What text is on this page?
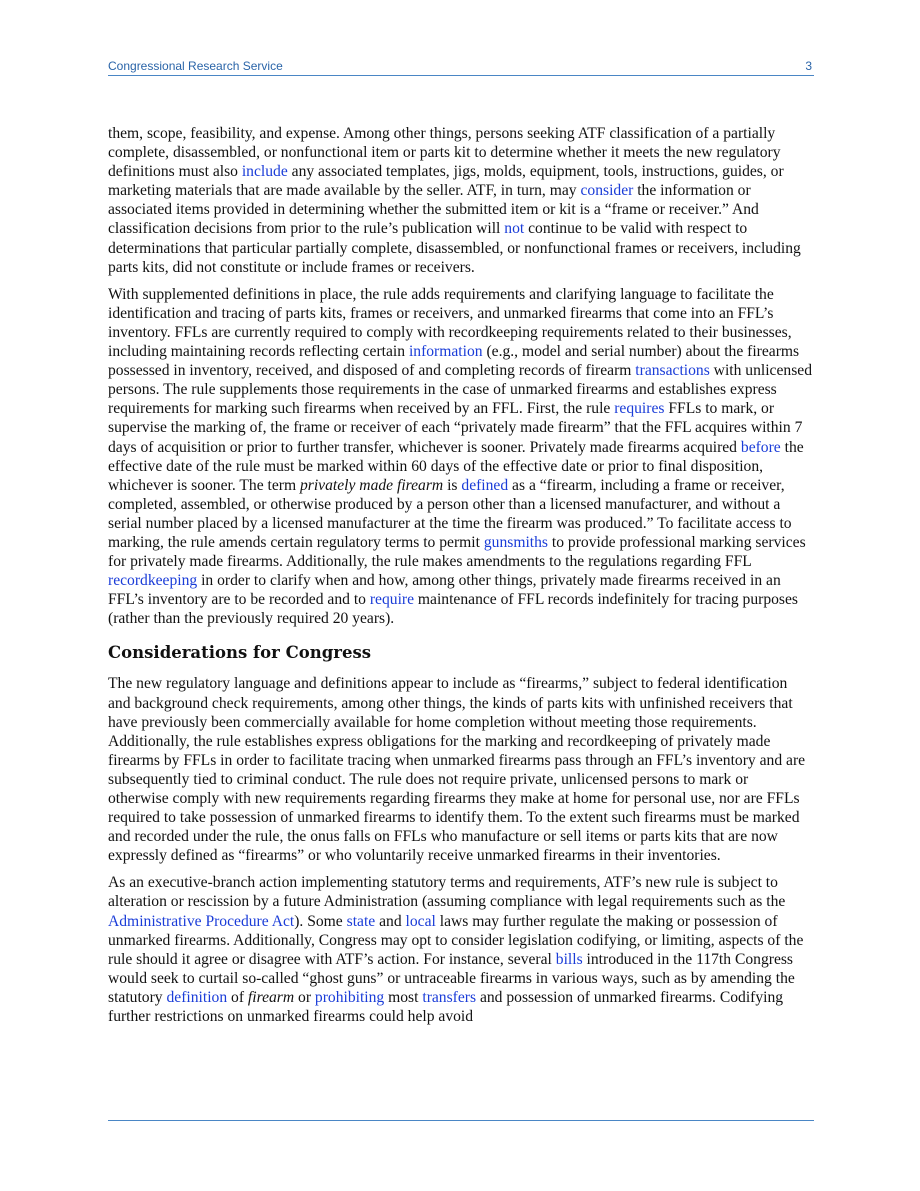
Congressional Research Service	3

them, scope, feasibility, and expense. Among other things, persons seeking ATF classification of a partially complete, disassembled, or nonfunctional item or parts kit to determine whether it meets the new regulatory definitions must also include any associated templates, jigs, molds, equipment, tools, instructions, guides, or marketing materials that are made available by the seller. ATF, in turn, may consider the information or associated items provided in determining whether the submitted item or kit is a “frame or receiver.” And classification decisions from prior to the rule’s publication will not continue to be valid with respect to determinations that particular partially complete, disassembled, or nonfunctional frames or receivers, including parts kits, did not constitute or include frames or receivers.

With supplemented definitions in place, the rule adds requirements and clarifying language to facilitate the identification and tracing of parts kits, frames or receivers, and unmarked firearms that come into an FFL’s inventory. FFLs are currently required to comply with recordkeeping requirements related to their businesses, including maintaining records reflecting certain information (e.g., model and serial number) about the firearms possessed in inventory, received, and disposed of and completing records of firearm transactions with unlicensed persons. The rule supplements those requirements in the case of unmarked firearms and establishes express requirements for marking such firearms when received by an FFL. First, the rule requires FFLs to mark, or supervise the marking of, the frame or receiver of each “privately made firearm” that the FFL acquires within 7 days of acquisition or prior to further transfer, whichever is sooner. Privately made firearms acquired before the effective date of the rule must be marked within 60 days of the effective date or prior to final disposition, whichever is sooner. The term privately made firearm is defined as a “firearm, including a frame or receiver, completed, assembled, or otherwise produced by a person other than a licensed manufacturer, and without a serial number placed by a licensed manufacturer at the time the firearm was produced.” To facilitate access to marking, the rule amends certain regulatory terms to permit gunsmiths to provide professional marking services for privately made firearms. Additionally, the rule makes amendments to the regulations regarding FFL recordkeeping in order to clarify when and how, among other things, privately made firearms received in an FFL’s inventory are to be recorded and to require maintenance of FFL records indefinitely for tracing purposes (rather than the previously required 20 years).

Considerations for Congress

The new regulatory language and definitions appear to include as “firearms,” subject to federal identification and background check requirements, among other things, the kinds of parts kits with unfinished receivers that have previously been commercially available for home completion without meeting those requirements. Additionally, the rule establishes express obligations for the marking and recordkeeping of privately made firearms by FFLs in order to facilitate tracing when unmarked firearms pass through an FFL’s inventory and are subsequently tied to criminal conduct. The rule does not require private, unlicensed persons to mark or otherwise comply with new requirements regarding firearms they make at home for personal use, nor are FFLs required to take possession of unmarked firearms to identify them. To the extent such firearms must be marked and recorded under the rule, the onus falls on FFLs who manufacture or sell items or parts kits that are now expressly defined as “firearms” or who voluntarily receive unmarked firearms in their inventories.

As an executive-branch action implementing statutory terms and requirements, ATF’s new rule is subject to alteration or rescission by a future Administration (assuming compliance with legal requirements such as the Administrative Procedure Act). Some state and local laws may further regulate the making or possession of unmarked firearms. Additionally, Congress may opt to consider legislation codifying, or limiting, aspects of the rule should it agree or disagree with ATF’s action. For instance, several bills introduced in the 117th Congress would seek to curtail so-called “ghost guns” or untraceable firearms in various ways, such as by amending the statutory definition of firearm or prohibiting most transfers and possession of unmarked firearms. Codifying further restrictions on unmarked firearms could help avoid
